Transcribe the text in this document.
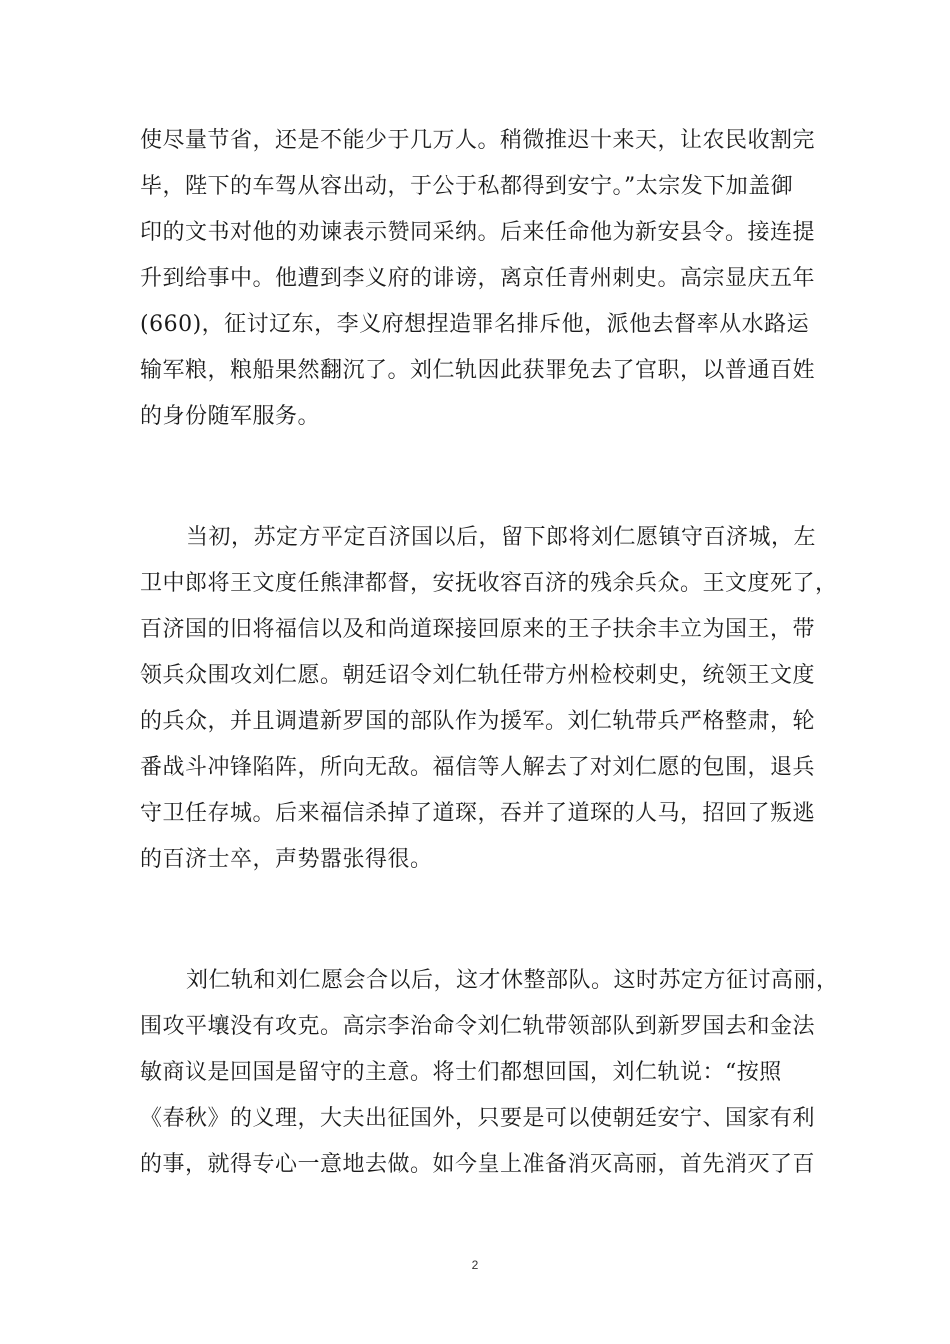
使尽量节省，还是不能少于几万人。稍微推迟十来天，让农民收割完
毕，陛下的车驾从容出动，于公于私都得到安宁。”太宗发下加盖御
印的文书对他的劝谏表示赞同采纳。后来任命他为新安县令。接连提
升到给事中。他遭到李义府的诽谤，离京任青州刺史。高宗显庆五年
(660)，征讨辽东，李义府想捏造罪名排斥他，派他去督率从水路运
输军粮，粮船果然翻沉了。刘仁轨因此获罪免去了官职，以普通百姓
的身份随军服务。
当初，苏定方平定百济国以后，留下郎将刘仁愿镇守百济城，左
卫中郎将王文度任熊津都督，安抚收容百济的残余兵众。王文度死了，
百济国的旧将福信以及和尚道琛接回原来的王子扶余丰立为国王，带
领兵众围攻刘仁愿。朝廷诏令刘仁轨任带方州检校刺史，统领王文度
的兵众，并且调遣新罗国的部队作为援军。刘仁轨带兵严格整肃，轮
番战斗冲锋陷阵，所向无敌。福信等人解去了对刘仁愿的包围，退兵
守卫任存城。后来福信杀掉了道琛，吞并了道琛的人马，招回了叛逃
的百济士卒，声势嚣张得很。
刘仁轨和刘仁愿会合以后，这才休整部队。这时苏定方征讨高丽，
围攻平壤没有攻克。高宗李治命令刘仁轨带领部队到新罗国去和金法
敏商议是回国是留守的主意。将士们都想回国，刘仁轨说：“按照
《春秋》的义理，大夫出征国外，只要是可以使朝廷安宁、国家有利
的事，就得专心一意地去做。如今皇上准备消灭高丽，首先消灭了百
2
